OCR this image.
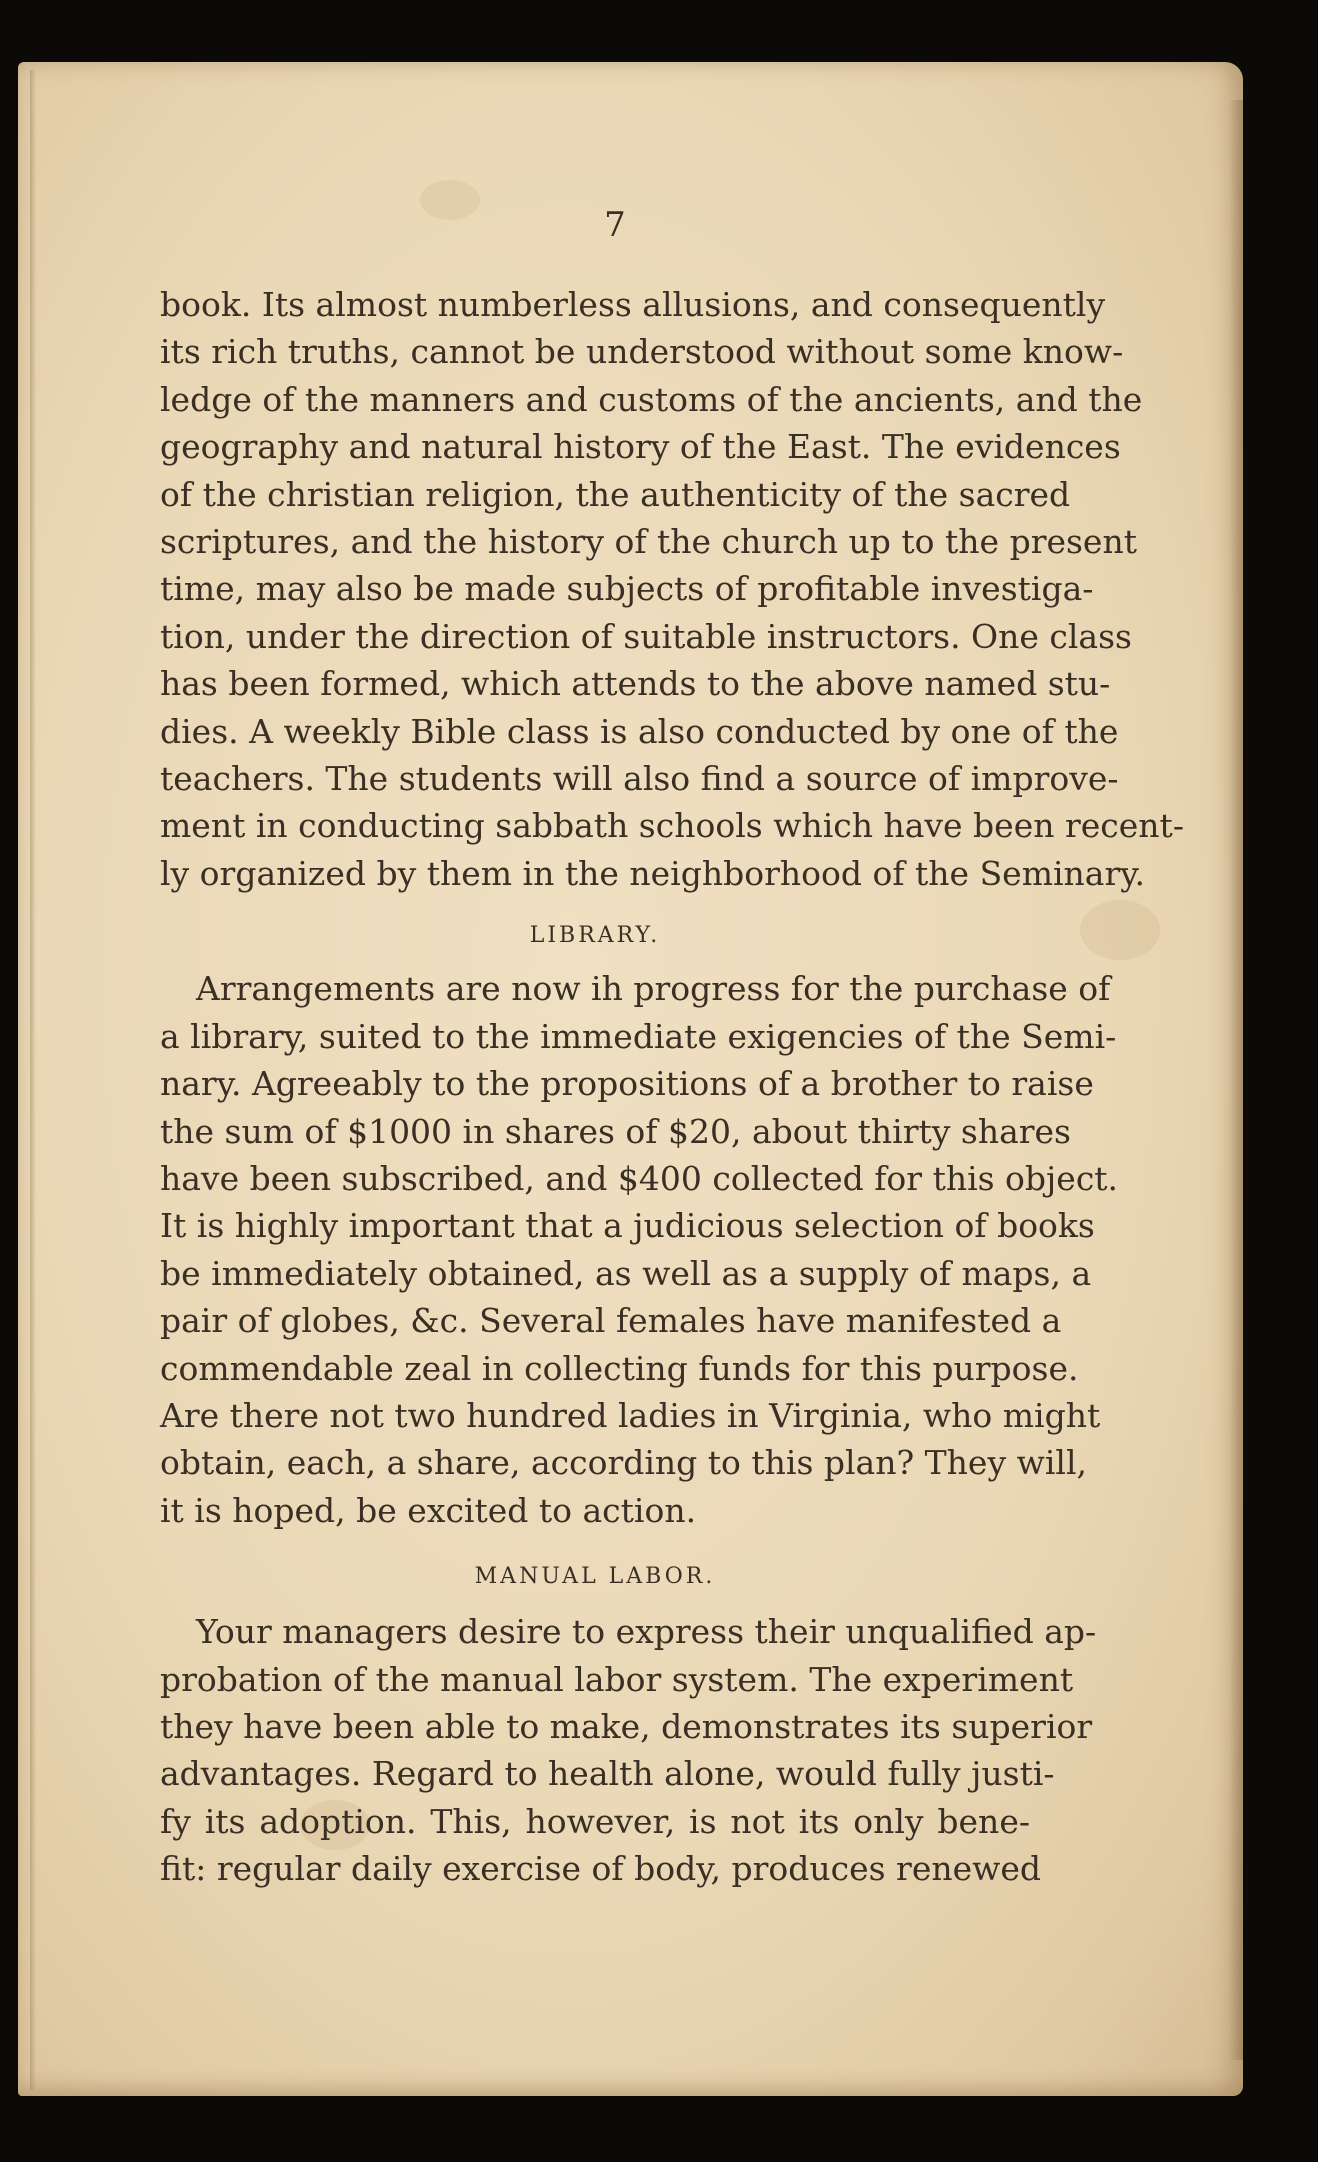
7
book. Its almost numberless allusions, and consequently
its rich truths, cannot be understood without some know-
ledge of the manners and customs of the ancients, and the
geography and natural history of the East. The evidences
of the christian religion, the authenticity of the sacred
scriptures, and the history of the church up to the present
time, may also be made subjects of profitable investiga-
tion, under the direction of suitable instructors. One class
has been formed, which attends to the above named stu-
dies. A weekly Bible class is also conducted by one of the
teachers. The students will also find a source of improve-
ment in conducting sabbath schools which have been recent-
ly organized by them in the neighborhood of the Seminary.
LIBRARY.
Arrangements are now ih progress for the purchase of
a library, suited to the immediate exigencies of the Semi-
nary. Agreeably to the propositions of a brother to raise
the sum of $1000 in shares of $20, about thirty shares
have been subscribed, and $400 collected for this object.
It is highly important that a judicious selection of books
be immediately obtained, as well as a supply of maps, a
pair of globes, &c. Several females have manifested a
commendable zeal in collecting funds for this purpose.
Are there not two hundred ladies in Virginia, who might
obtain, each, a share, according to this plan? They will,
it is hoped, be excited to action.
MANUAL LABOR.
Your managers desire to express their unqualified ap-
probation of the manual labor system. The experiment
they have been able to make, demonstrates its superior
advantages. Regard to health alone, would fully justi-
fy its adoption. This, however, is not its only bene-
fit: regular daily exercise of body, produces renewed
